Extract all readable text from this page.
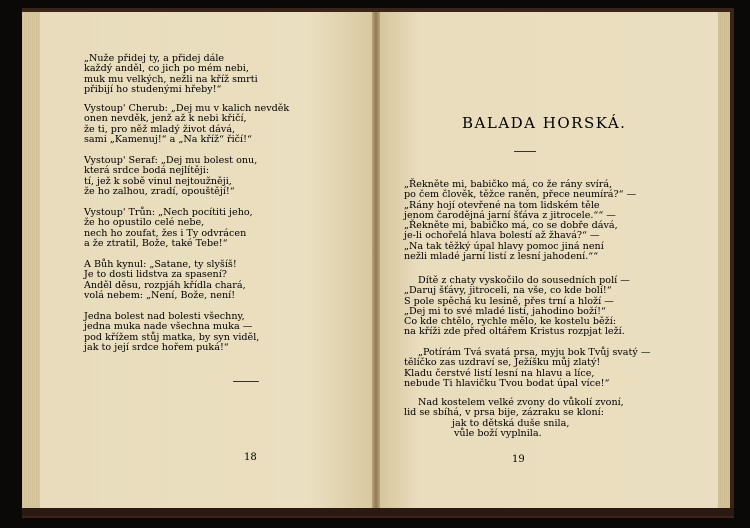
„Nuže přidej ty, a přidej dále
každý anděl, co jich po mém nebi,
muk mu velkých, nežli na kříž smrti
přibijí ho studenými hřeby!“
Vystoup' Cherub: „Dej mu v kalich nevděk
onen nevděk, jenž až k nebi křičí,
že ti, pro něž mladý život dává,
sami „Kamenuj!“ a „Na kříž“ řičí!“
Vystoup' Seraf: „Dej mu bolest onu,
která srdce bodá nejlítěji:
tí, jež k sobě vinul nejtoužněji,
že ho zalhou, zradí, opouštějí!“
Vystoup' Trůn: „Nech pocítiti jeho,
že ho opustilo celé nebe,
nech ho zoufat, žes i Ty odvrácen
a že ztratil, Bože, také Tebe!“
A Bůh kynul: „Satane, ty slyšíš!
Je to dosti lidstva za spasení?
Anděl děsu, rozpjáh křídla chará,
volá nebem: „Není, Bože, není!
Jedna bolest nad bolesti všechny,
jedna muka nade všechna muka —
pod křížem stůj matka, by syn viděl,
jak to její srdce hořem puká!“
18
BALADA HORSKÁ.
„Řekněte mi, babičko má, co že rány svírá,
po čem člověk, těžce raněn, přece neumírá?“ —
„Rány hojí otevřené na tom lidském těle
jenom čarodějná jarní šťáva z jitrocele.““ —
„Řekněte mi, babičko má, co se dobře dává,
je-li ochořelá hlava bolestí až žhavá?“ —
„Na tak těžký úpal hlavy pomoc jiná není
nežli mladé jarní listí z lesní jahodení.““
Dítě z chaty vyskočilo do sousedních polí —
„Daruj šťávy, jitroceli, na vše, co kde bolí!“
S pole spěchá ku lesině, přes trní a hloží —
„Dej mi to své mladé listí, jahodino boží!“
Co kde chtělo, rychle mělo, ke kostelu běží:
na kříži zde před oltářem Kristus rozpjat leží.
„Potírám Tvá svatá prsa, myju bok Tvůj svatý —
tělíčko zas uzdraví se, Ježíšku můj zlatý!
Kladu čerstvé listí lesní na hlavu a líce,
nebude Ti hlavičku Tvou bodat úpal více!“
Nad kostelem velké zvony do vůkolí zvoní,
lid se sbíhá, v prsa bije, zázraku se kloní:
jak to dětská duše snila,
vůle boží vyplnila.
19
